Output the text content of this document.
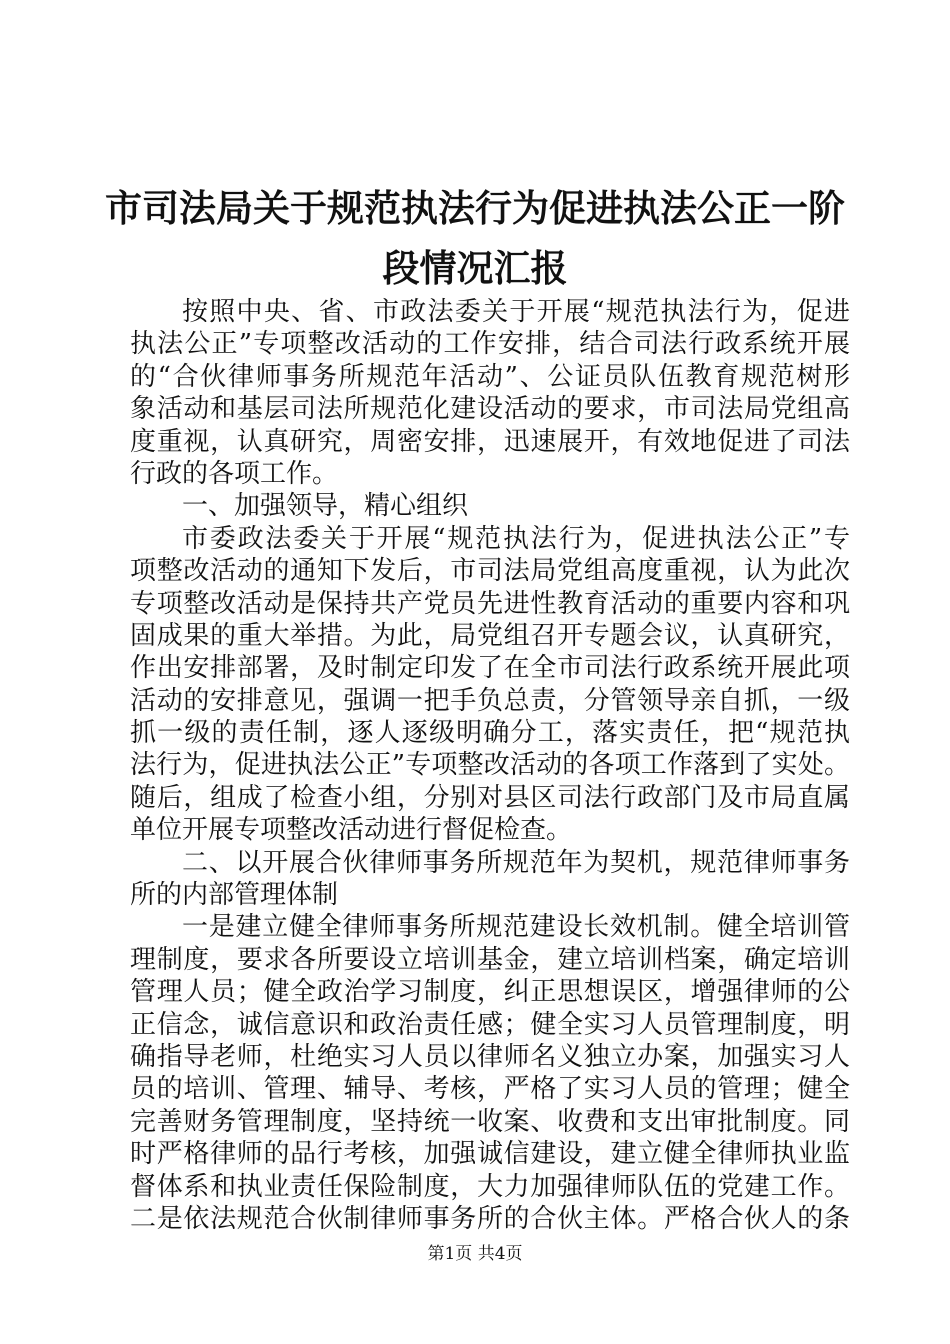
市司法局关于规范执法行为促进执法公正一阶
段情况汇报
按照中央、省、市政法委关于开展“规范执法行为，促进
执法公正”专项整改活动的工作安排，结合司法行政系统开展
的“合伙律师事务所规范年活动”、公证员队伍教育规范树形
象活动和基层司法所规范化建设活动的要求，市司法局党组高
度重视，认真研究，周密安排，迅速展开，有效地促进了司法
行政的各项工作。
一、加强领导，精心组织
市委政法委关于开展“规范执法行为，促进执法公正”专
项整改活动的通知下发后，市司法局党组高度重视，认为此次
专项整改活动是保持共产党员先进性教育活动的重要内容和巩
固成果的重大举措。为此，局党组召开专题会议，认真研究，
作出安排部署，及时制定印发了在全市司法行政系统开展此项
活动的安排意见，强调一把手负总责，分管领导亲自抓，一级
抓一级的责任制，逐人逐级明确分工，落实责任，把“规范执
法行为，促进执法公正”专项整改活动的各项工作落到了实处。
随后，组成了检查小组，分别对县区司法行政部门及市局直属
单位开展专项整改活动进行督促检查。
二、以开展合伙律师事务所规范年为契机，规范律师事务
所的内部管理体制
一是建立健全律师事务所规范建设长效机制。健全培训管
理制度，要求各所要设立培训基金，建立培训档案，确定培训
管理人员；健全政治学习制度，纠正思想误区，增强律师的公
正信念，诚信意识和政治责任感；健全实习人员管理制度，明
确指导老师，杜绝实习人员以律师名义独立办案，加强实习人
员的培训、管理、辅导、考核，严格了实习人员的管理；健全
完善财务管理制度，坚持统一收案、收费和支出审批制度。同
时严格律师的品行考核，加强诚信建设，建立健全律师执业监
督体系和执业责任保险制度，大力加强律师队伍的党建工作。
二是依法规范合伙制律师事务所的合伙主体。严格合伙人的条
第1页 共4页
